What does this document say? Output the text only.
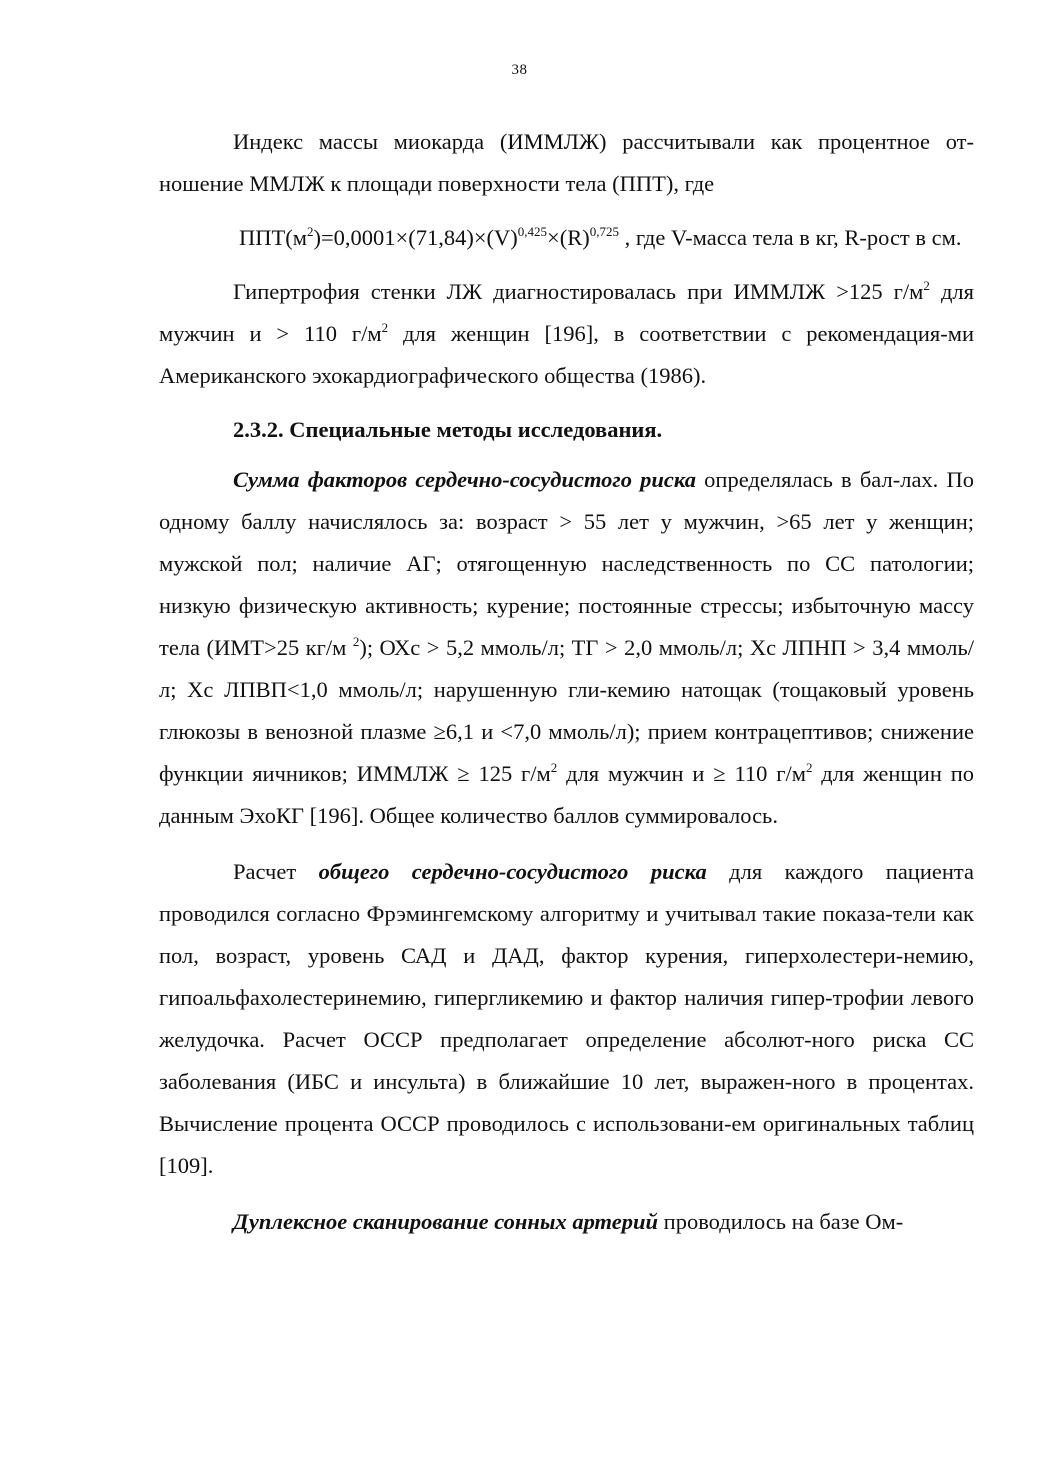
38

Индекс массы миокарда (ИММЛЖ) рассчитывали как процентное от-ношение ММЛЖ к площади поверхности тела (ППТ), где

$ППТ(м^2)=0,0001\times(71,84)\times(V)^{0,425}\times(R)^{0,725}$ , где V-масса тела в кг, R-рост в см.

Гипертрофия стенки ЛЖ диагностировалась при ИММЛЖ >125 $г/м^2$ для мужчин и > 110 $г/м^2$ для женщин [196], в соответствии с рекомендация-ми Американского эхокардиографического общества (1986).

2.3.2. Специальные методы исследования.

Сумма факторов сердечно-сосудистого риска определялась в бал-лах. По одному баллу начислялось за: возраст > 55 лет у мужчин, >65 лет у женщин; мужской пол; наличие АГ; отягощенную наследственность по СС патологии; низкую физическую активность; курение; постоянные стрессы; избыточную массу тела (ИМТ>25 кг/м $^2$); ОХс > 5,2 ммоль/л; ТГ > 2,0 ммоль/л; Хс ЛПНП > 3,4 ммоль/л; Хс ЛПВП<1,0 ммоль/л; нарушенную гли-кемию натощак (тощаковый уровень глюкозы в венозной плазме ≥6,1 и <7,0 ммоль/л); прием контрацептивов; снижение функции яичников; ИММЛЖ ≥ 125 $г/м^2$ для мужчин и ≥ 110 $г/м^2$ для женщин по данным ЭхоКГ [196]. Общее количество баллов суммировалось.

Расчет общего сердечно-сосудистого риска для каждого пациента проводился согласно Фрэмингемскому алгоритму и учитывал такие показа-тели как пол, возраст, уровень САД и ДАД, фактор курения, гиперхолестери-немию, гипоальфахолестеринемию, гипергликемию и фактор наличия гипер-трофии левого желудочка. Расчет ОССР предполагает определение абсолют-ного риска СС заболевания (ИБС и инсульта) в ближайшие 10 лет, выражен-ного в процентах. Вычисление процента ОССР проводилось с использовани-ем оригинальных таблиц [109].

Дуплексное сканирование сонных артерий проводилось на базе Ом-
